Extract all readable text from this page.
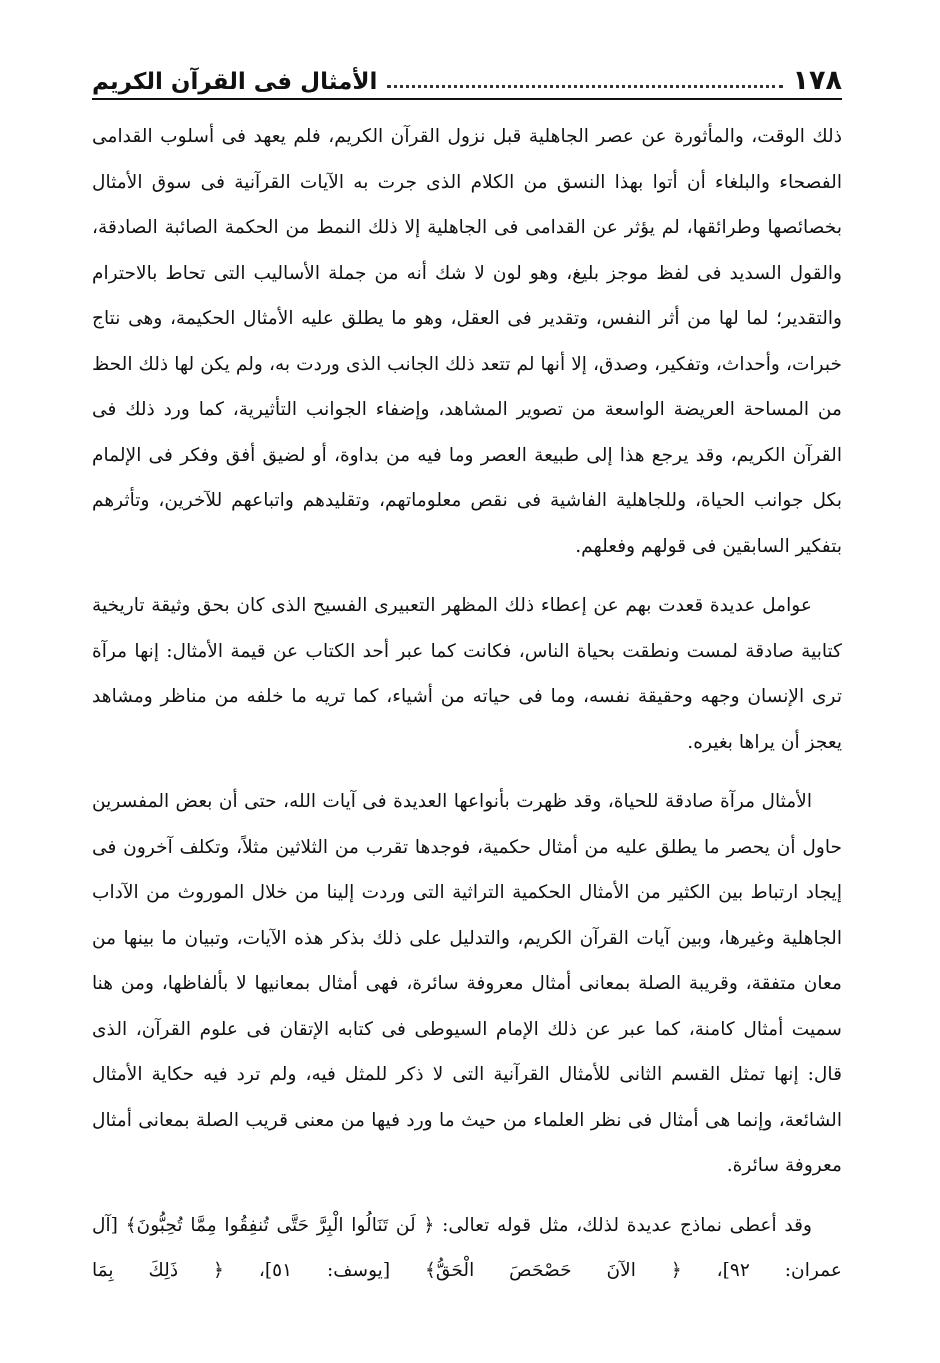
١٧٨
الأمثال فى القرآن الكريم

ذلك الوقت، والمأثورة عن عصر الجاهلية قبل نزول القرآن الكريم، فلم يعهد فى أسلوب القدامى الفصحاء والبلغاء أن أتوا بهذا النسق من الكلام الذى جرت به الآيات القرآنية فى سوق الأمثال بخصائصها وطرائقها، لم يؤثر عن القدامى فى الجاهلية إلا ذلك النمط من الحكمة الصائبة الصادقة، والقول السديد فى لفظ موجز بليغ، وهو لون لا شك أنه من جملة الأساليب التى تحاط بالاحترام والتقدير؛ لما لها من أثر النفس، وتقدير فى العقل، وهو ما يطلق عليه الأمثال الحكيمة، وهى نتاج خبرات، وأحداث، وتفكير، وصدق، إلا أنها لم تتعد ذلك الجانب الذى وردت به، ولم يكن لها ذلك الحظ من المساحة العريضة الواسعة من تصوير المشاهد، وإضفاء الجوانب التأثيرية، كما ورد ذلك فى القرآن الكريم، وقد يرجع هذا إلى طبيعة العصر وما فيه من بداوة، أو لضيق أفق وفكر فى الإلمام بكل جوانب الحياة، وللجاهلية الفاشية فى نقص معلوماتهم، وتقليدهم واتباعهم للآخرين، وتأثرهم بتفكير السابقين فى قولهم وفعلهم.

عوامل عديدة قعدت بهم عن إعطاء ذلك المظهر التعبيرى الفسيح الذى كان بحق وثيقة تاريخية كتابية صادقة لمست ونطقت بحياة الناس، فكانت كما عبر أحد الكتاب عن قيمة الأمثال: إنها مرآة ترى الإنسان وجهه وحقيقة نفسه، وما فى حياته من أشياء، كما تريه ما خلفه من مناظر ومشاهد يعجز أن يراها بغيره.

الأمثال مرآة صادقة للحياة، وقد ظهرت بأنواعها العديدة فى آيات الله، حتى أن بعض المفسرين حاول أن يحصر ما يطلق عليه من أمثال حكمية، فوجدها تقرب من الثلاثين مثلاً، وتكلف آخرون فى إيجاد ارتباط بين الكثير من الأمثال الحكمية التراثية التى وردت إلينا من خلال الموروث من الآداب الجاهلية وغيرها، وبين آيات القرآن الكريم، والتدليل على ذلك بذكر هذه الآيات، وتبيان ما بينها من معان متفقة، وقريبة الصلة بمعانى أمثال معروفة سائرة، فهى أمثال بمعانيها لا بألفاظها، ومن هنا سميت أمثال كامنة، كما عبر عن ذلك الإمام السيوطى فى كتابه الإتقان فى علوم القرآن، الذى قال: إنها تمثل القسم الثانى للأمثال القرآنية التى لا ذكر للمثل فيه، ولم ترد فيه حكاية الأمثال الشائعة، وإنما هى أمثال فى نظر العلماء من حيث ما ورد فيها من معنى قريب الصلة بمعانى أمثال معروفة سائرة.

وقد أعطى نماذج عديدة لذلك، مثل قوله تعالى: ﴿ لَن تَنَالُوا الْبِرَّ حَتَّى تُنفِقُوا مِمَّا تُحِبُّونَ﴾ [آل عمران: ٩٢]، ﴿ الآنَ حَصْحَصَ الْحَقُّ﴾ [يوسف: ٥١]، ﴿ ذَلِكَ بِمَا
